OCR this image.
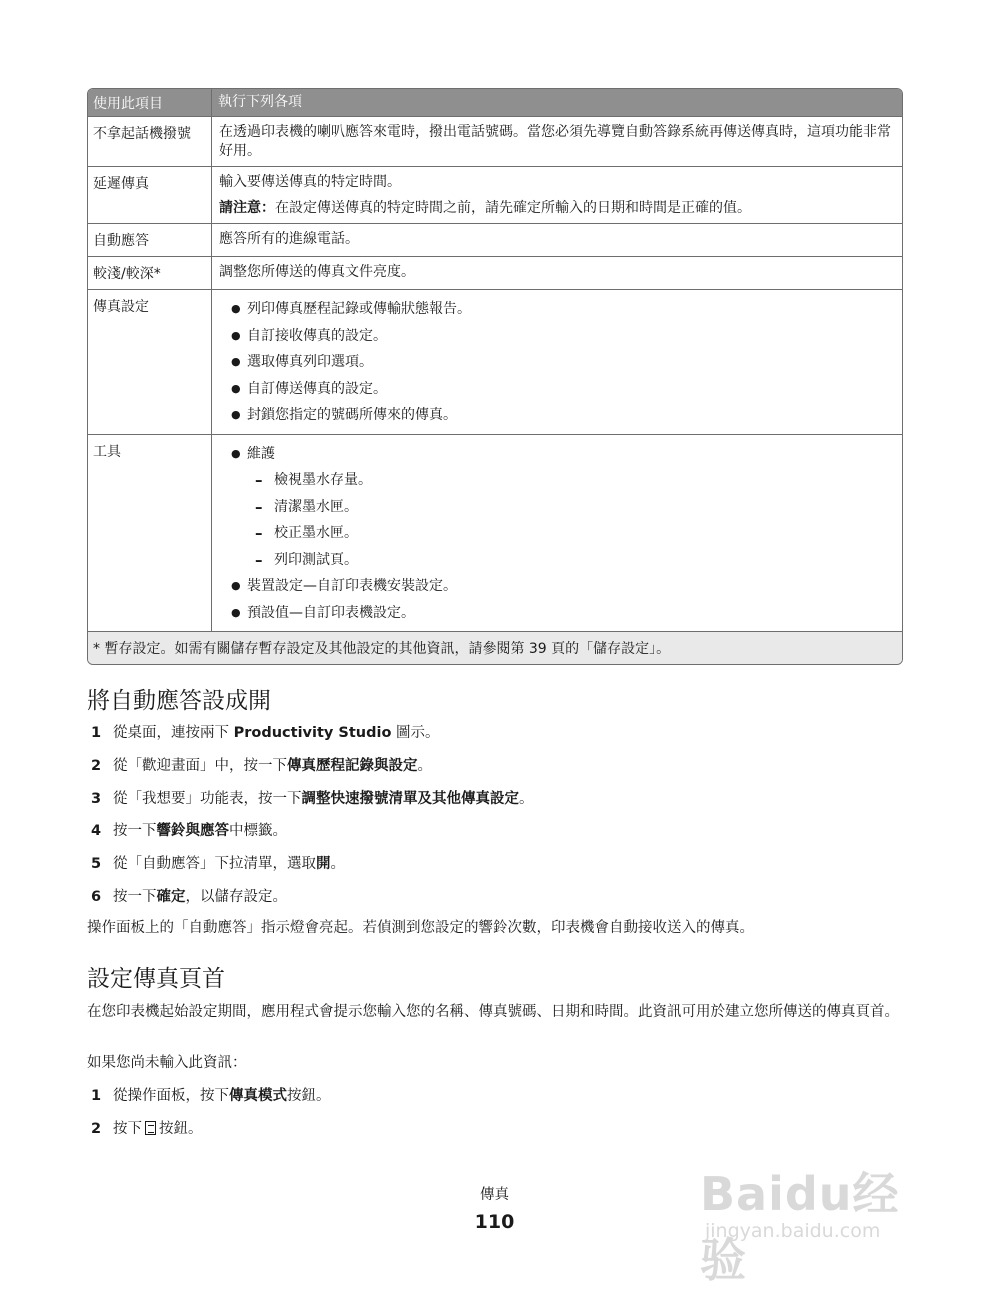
使用此項目	執行下列各項
不拿起話機撥號	在透過印表機的喇叭應答來電時，撥出電話號碼。當您必須先導覽自動答錄系統再傳送傳真時，這項功能非常好用。
延遲傳真	輸入要傳送傳真的特定時間。

請注意：在設定傳送傳真的特定時間之前，請先確定所輸入的日期和時間是正確的值。

自動應答	應答所有的進線電話。
較淺/較深*	調整您所傳送的傳真文件亮度。
傳真設定	● 列印傳真歷程記錄或傳輸狀態報告。
● 自訂接收傳真的設定。
● 選取傳真列印選項。
● 自訂傳送傳真的設定。
● 封鎖您指定的號碼所傳來的傳真。
工具	● 維護
– 檢視墨水存量。
– 清潔墨水匣。
– 校正墨水匣。
– 列印測試頁。
● 裝置設定—自訂印表機安裝設定。
● 預設值—自訂印表機設定。
* 暫存設定。如需有關儲存暫存設定及其他設定的其他資訊，請參閱第 39 頁的「儲存設定」。
將自動應答設成開
1 從桌面，連按兩下 Productivity Studio 圖示。
2 從「歡迎畫面」中，按一下傳真歷程記錄與設定。
3 從「我想要」功能表，按一下調整快速撥號清單及其他傳真設定。
4 按一下響鈴與應答中標籤。
5 從「自動應答」下拉清單，選取開。
6 按一下確定，以儲存設定。

操作面板上的「自動應答」指示燈會亮起。若偵測到您設定的響鈴次數，印表機會自動接收送入的傳真。

設定傳真頁首

在您印表機起始設定期間，應用程式會提示您輸入您的名稱、傳真號碼、日期和時間。此資訊可用於建立您所傳送的傳真頁首。

如果您尚未輸入此資訊：

1 從操作面板，按下傳真模式按鈕。
2 按下 按鈕。
傳真
110
Baidu经验
jingyan.baidu.com
